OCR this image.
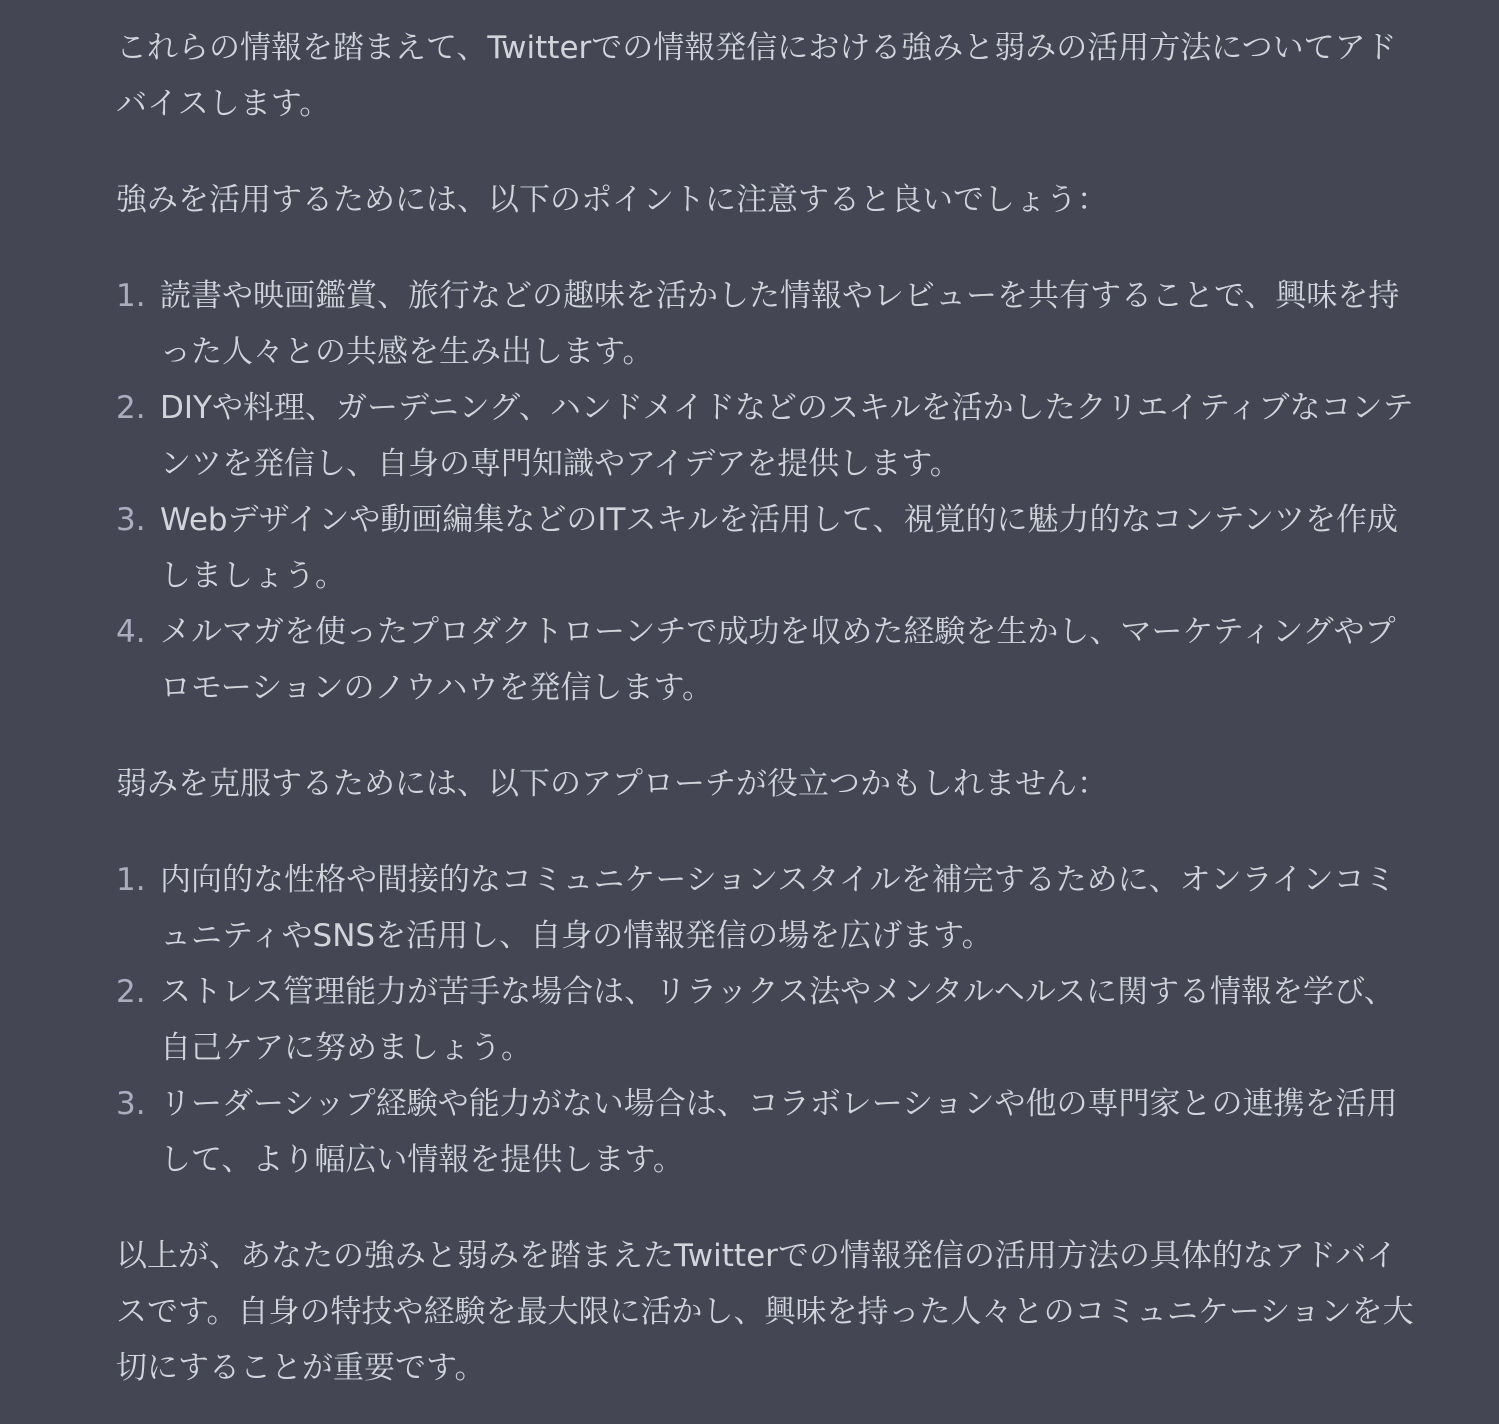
これらの情報を踏まえて、Twitterでの情報発信における強みと弱みの活用方法についてアドバイスします。

強みを活用するためには、以下のポイントに注意すると良いでしょう：

1. 読書や映画鑑賞、旅行などの趣味を活かした情報やレビューを共有することで、興味を持った人々との共感を生み出します。
2. DIYや料理、ガーデニング、ハンドメイドなどのスキルを活かしたクリエイティブなコンテンツを発信し、自身の専門知識やアイデアを提供します。
3. Webデザインや動画編集などのITスキルを活用して、視覚的に魅力的なコンテンツを作成しましょう。
4. メルマガを使ったプロダクトローンチで成功を収めた経験を生かし、マーケティングやプロモーションのノウハウを発信します。

弱みを克服するためには、以下のアプローチが役立つかもしれません：

1. 内向的な性格や間接的なコミュニケーションスタイルを補完するために、オンラインコミュニティやSNSを活用し、自身の情報発信の場を広げます。
2. ストレス管理能力が苦手な場合は、リラックス法やメンタルヘルスに関する情報を学び、自己ケアに努めましょう。
3. リーダーシップ経験や能力がない場合は、コラボレーションや他の専門家との連携を活用して、より幅広い情報を提供します。

以上が、あなたの強みと弱みを踏まえたTwitterでの情報発信の活用方法の具体的なアドバイスです。自身の特技や経験を最大限に活かし、興味を持った人々とのコミュニケーションを大切にすることが重要です。
